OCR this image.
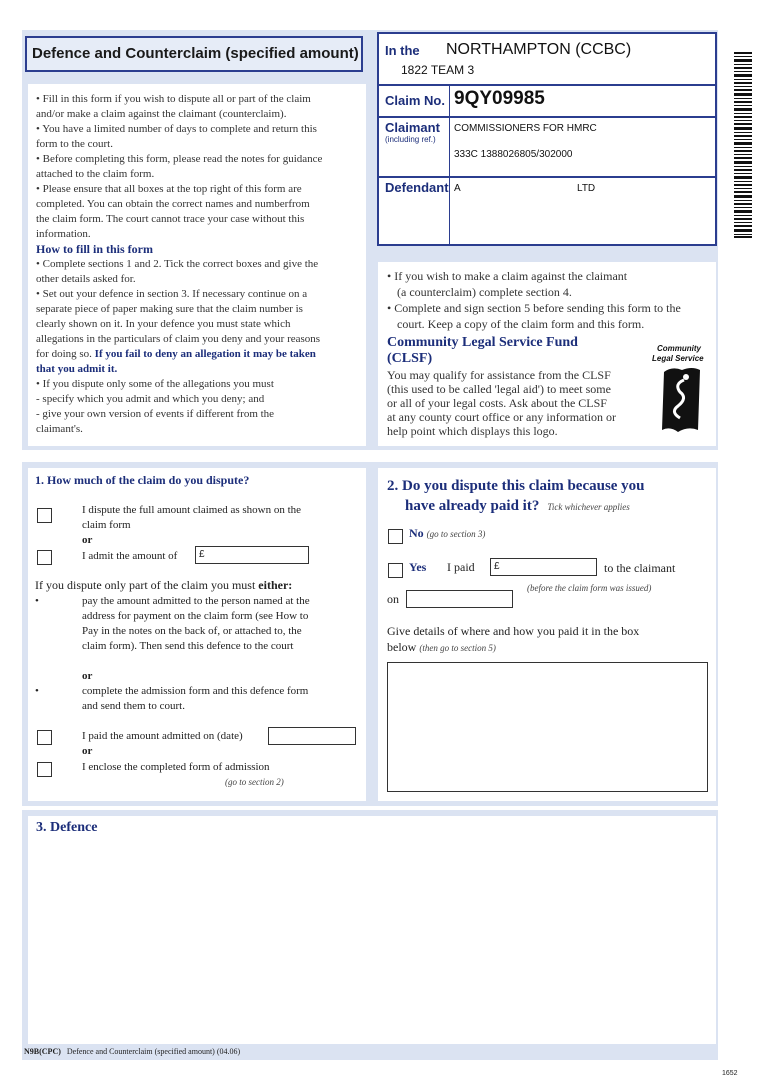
Defence and Counterclaim (specified amount)
• Fill in this form if you wish to dispute all or part of the claim
and/or make a claim against the claimant (counterclaim).
• You have a limited number of days to complete and return this
form to the court.
• Before completing this form, please read the notes for guidance
attached to the claim form.
• Please ensure that all boxes at the top right of this form are
completed. You can obtain the correct names and numberfrom
the claim form. The court cannot trace your case without this
information.
How to fill in this form
• Complete sections 1 and 2. Tick the correct boxes and give the
other details asked for.
• Set out your defence in section 3. If necessary continue on a
separate piece of paper making sure that the claim number is
clearly shown on it. In your defence you must state which
allegations in the particulars of claim you deny and your reasons
for doing so. If you fail to deny an allegation it may be taken
that you admit it.
• If you dispute only some of the allegations you must
- specify which you admit and which you deny; and
- give your own version of events if different from the
claimant's.
In the NORTHAMPTON (CCBC)
1822 TEAM 3
Claim No. 9QY09985
Claimant
(including ref.)
COMMISSIONERS FOR HMRC
333C 1388026805/302000
Defendant A	LTD
• If you wish to make a claim against the claimant
(a counterclaim) complete section 4.
• Complete and sign section 5 before sending this form to the
court. Keep a copy of the claim form and this form.
Community Legal Service Fund
(CLSF)
You may qualify for assistance from the CLSF
(this used to be called 'legal aid') to meet some
or all of your legal costs. Ask about the CLSF
at any county court office or any information or
help point which displays this logo.
Community
Legal Service
1. How much of the claim do you dispute?
I dispute the full amount claimed as shown on the
claim form
or
I admit the amount of	£
If you dispute only part of the claim you must either:
•	pay the amount admitted to the person named at the
address for payment on the claim form (see How to
Pay in the notes on the back of, or attached to, the
claim form). Then send this defence to the court
or
•	complete the admission form and this defence form
and send them to court.
I paid the amount admitted on (date)
or
I enclose the completed form of admission
(go to section 2)
2. Do you dispute this claim because you
have already paid it? Tick whichever applies
No (go to section 3)
Yes I paid	£	to the claimant
on
(before the claim form was issued)
Give details of where and how you paid it in the box
below (then go to section 5)
3. Defence
N9B(CPC) Defence and Counterclaim (specified amount) (04.06)
1652
